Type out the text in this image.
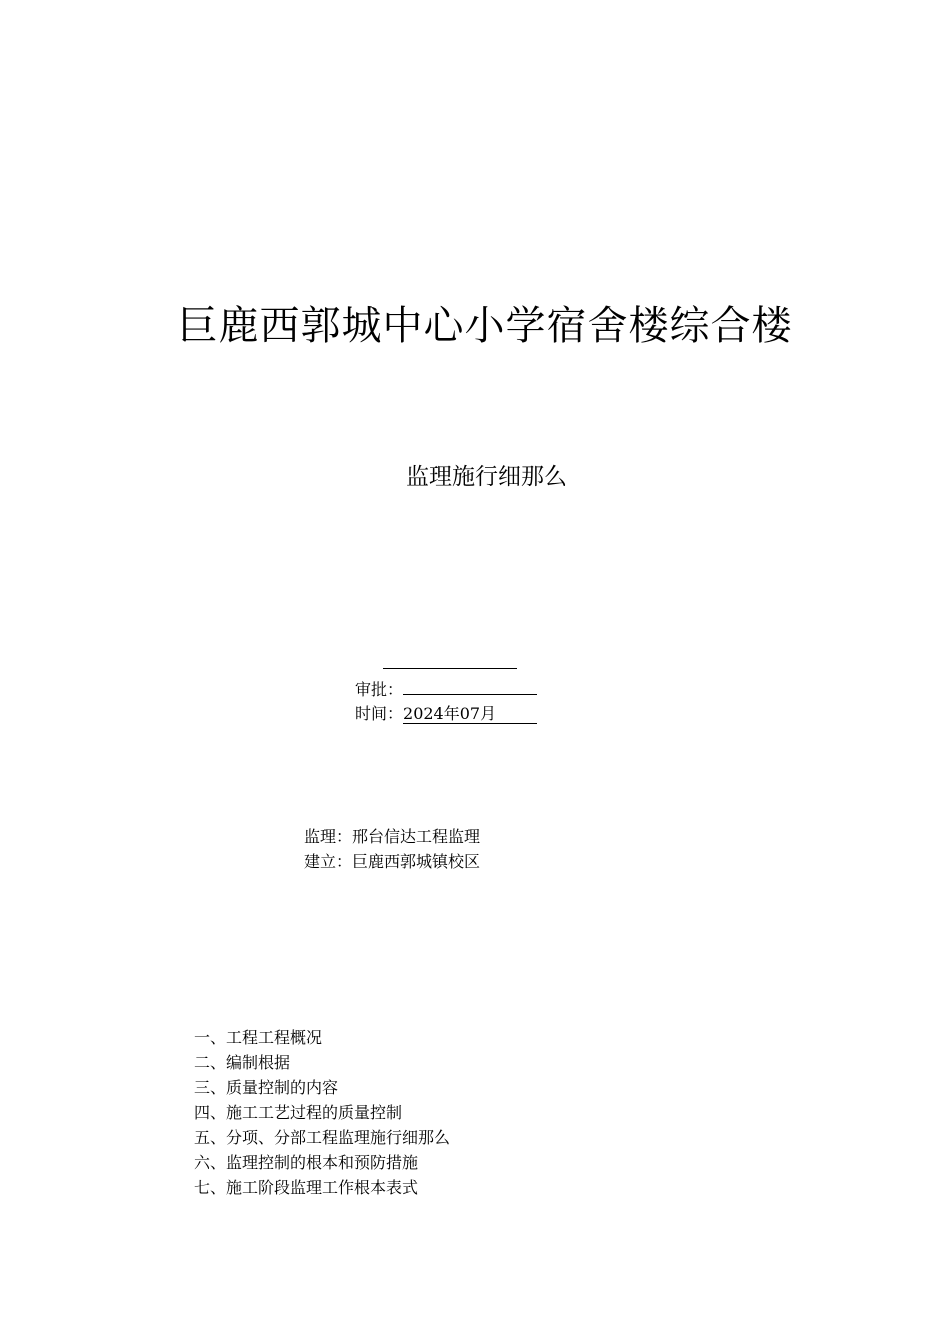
巨鹿西郭城中心小学宿舍楼综合楼
监理施行细那么
审批：
时间：2024年07月
监理：邢台信达工程监理
建立：巨鹿西郭城镇校区
一、工程工程概况
二、编制根据
三、质量控制的内容
四、施工工艺过程的质量控制
五、分项、分部工程监理施行细那么
六、监理控制的根本和预防措施
七、施工阶段监理工作根本表式
